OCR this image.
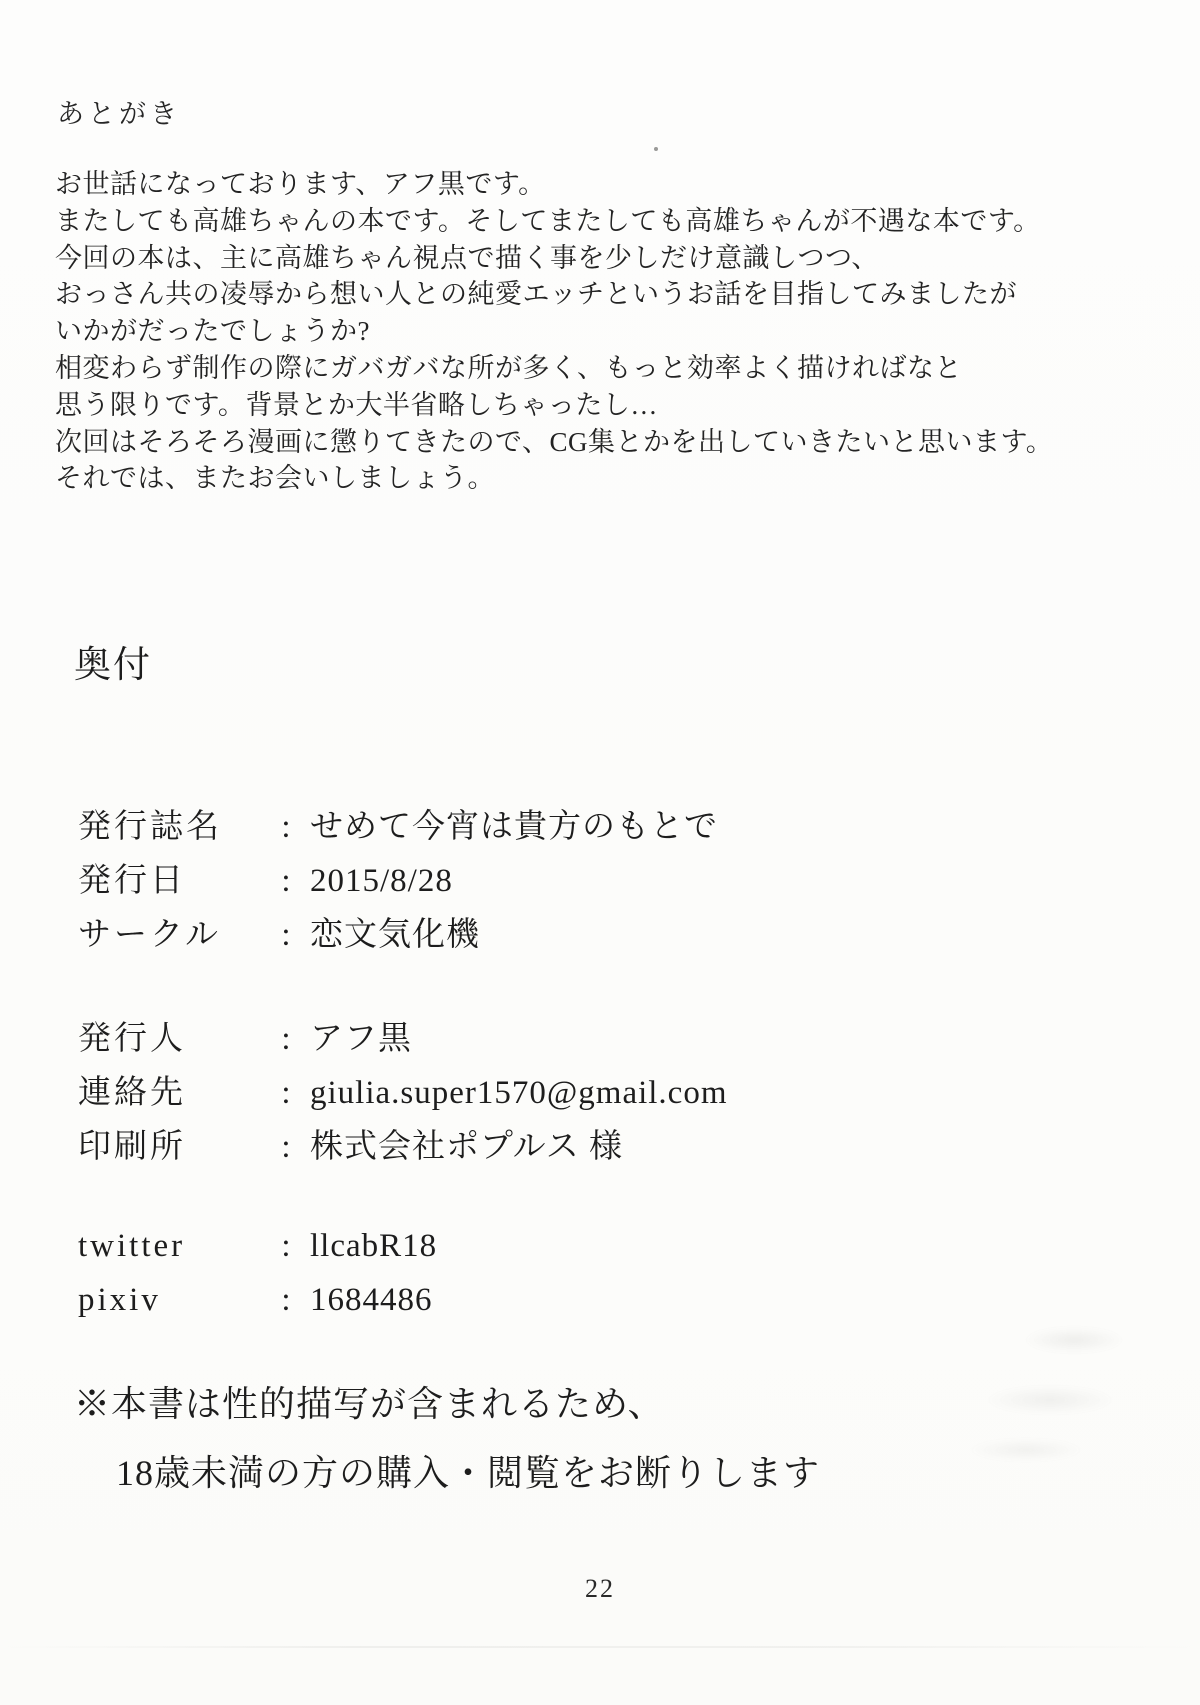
あとがき
お世話になっております、アフ黒です。
またしても高雄ちゃんの本です。そしてまたしても高雄ちゃんが不遇な本です。
今回の本は、主に高雄ちゃん視点で描く事を少しだけ意識しつつ、
おっさん共の凌辱から想い人との純愛エッチというお話を目指してみましたが
いかがだったでしょうか?
相変わらず制作の際にガバガバな所が多く、もっと効率よく描ければなと
思う限りです。背景とか大半省略しちゃったし…
次回はそろそろ漫画に懲りてきたので、CG集とかを出していきたいと思います。
それでは、またお会いしましょう。
奥付
発行誌名	: せめて今宵は貴方のもとで
発行日	: 2015/8/28
サークル	: 恋文気化機
発行人	: アフ黒
連絡先	: giulia.super1570@gmail.com
印刷所	: 株式会社ポプルス 様
twitter	: llcabR18
pixiv	: 1684486
※本書は性的描写が含まれるため、
18歳未満の方の購入・閲覧をお断りします
22
